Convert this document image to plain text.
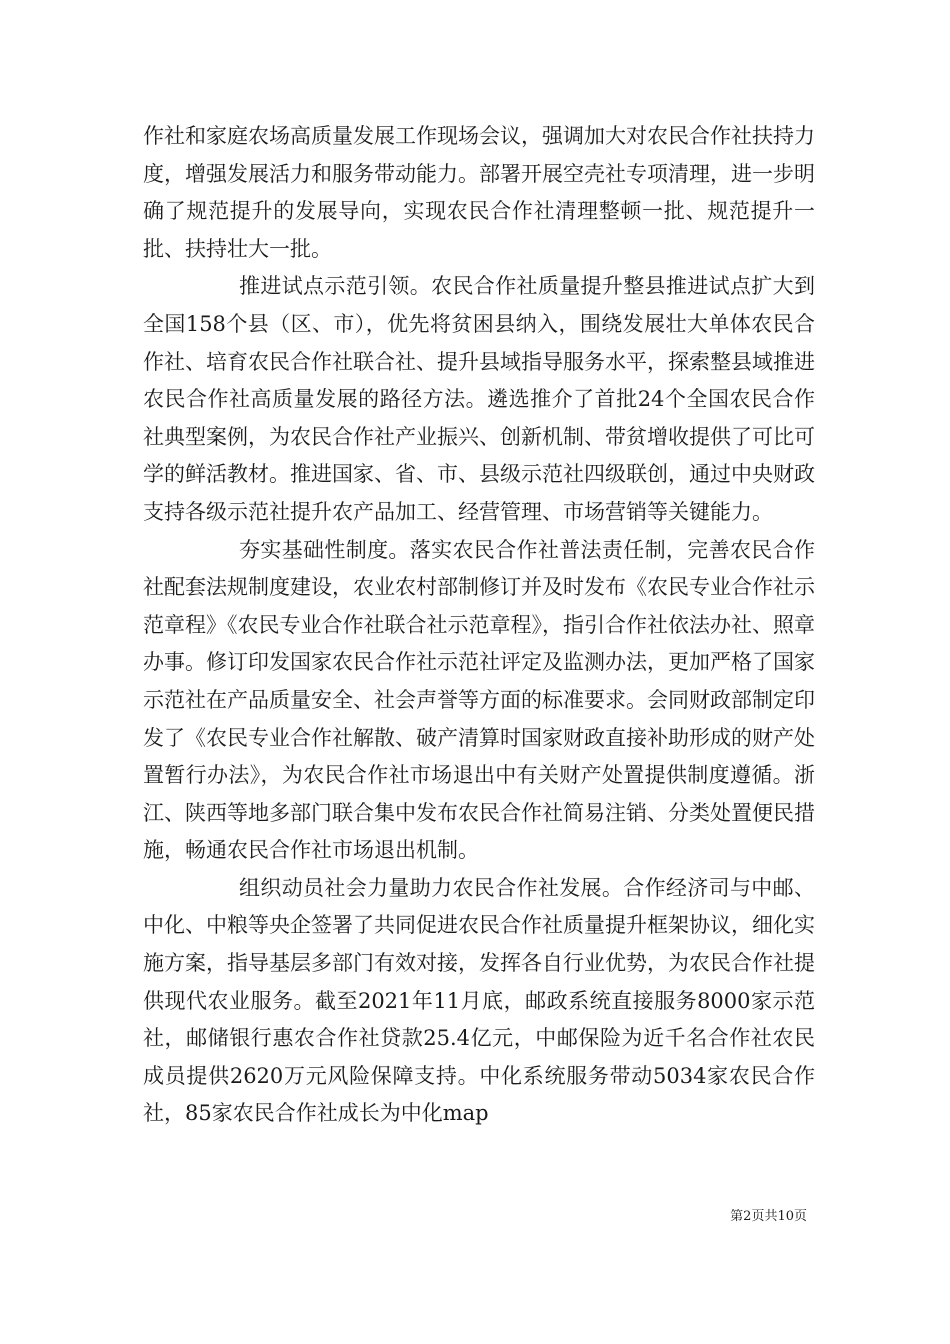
作社和家庭农场高质量发展工作现场会议，强调加大对农民合作社扶持力度，增强发展活力和服务带动能力。部署开展空壳社专项清理，进一步明确了规范提升的发展导向，实现农民合作社清理整顿一批、规范提升一批、扶持壮大一批。

推进试点示范引领。农民合作社质量提升整县推进试点扩大到全国158个县（区、市），优先将贫困县纳入，围绕发展壮大单体农民合作社、培育农民合作社联合社、提升县域指导服务水平，探索整县域推进农民合作社高质量发展的路径方法。遴选推介了首批24个全国农民合作社典型案例，为农民合作社产业振兴、创新机制、带贫增收提供了可比可学的鲜活教材。推进国家、省、市、县级示范社四级联创，通过中央财政支持各级示范社提升农产品加工、经营管理、市场营销等关键能力。

夯实基础性制度。落实农民合作社普法责任制，完善农民合作社配套法规制度建设，农业农村部制修订并及时发布《农民专业合作社示范章程》《农民专业合作社联合社示范章程》，指引合作社依法办社、照章办事。修订印发国家农民合作社示范社评定及监测办法，更加严格了国家示范社在产品质量安全、社会声誉等方面的标准要求。会同财政部制定印发了《农民专业合作社解散、破产清算时国家财政直接补助形成的财产处置暂行办法》，为农民合作社市场退出中有关财产处置提供制度遵循。浙江、陕西等地多部门联合集中发布农民合作社简易注销、分类处置便民措施，畅通农民合作社市场退出机制。

组织动员社会力量助力农民合作社发展。合作经济司与中邮、中化、中粮等央企签署了共同促进农民合作社质量提升框架协议，细化实施方案，指导基层多部门有效对接，发挥各自行业优势，为农民合作社提供现代农业服务。截至2021年11月底，邮政系统直接服务8000家示范社，邮储银行惠农合作社贷款25.4亿元，中邮保险为近千名合作社农民成员提供2620万元风险保障支持。中化系统服务带动5034家农民合作社，85家农民合作社成长为中化map

第2页共10页
